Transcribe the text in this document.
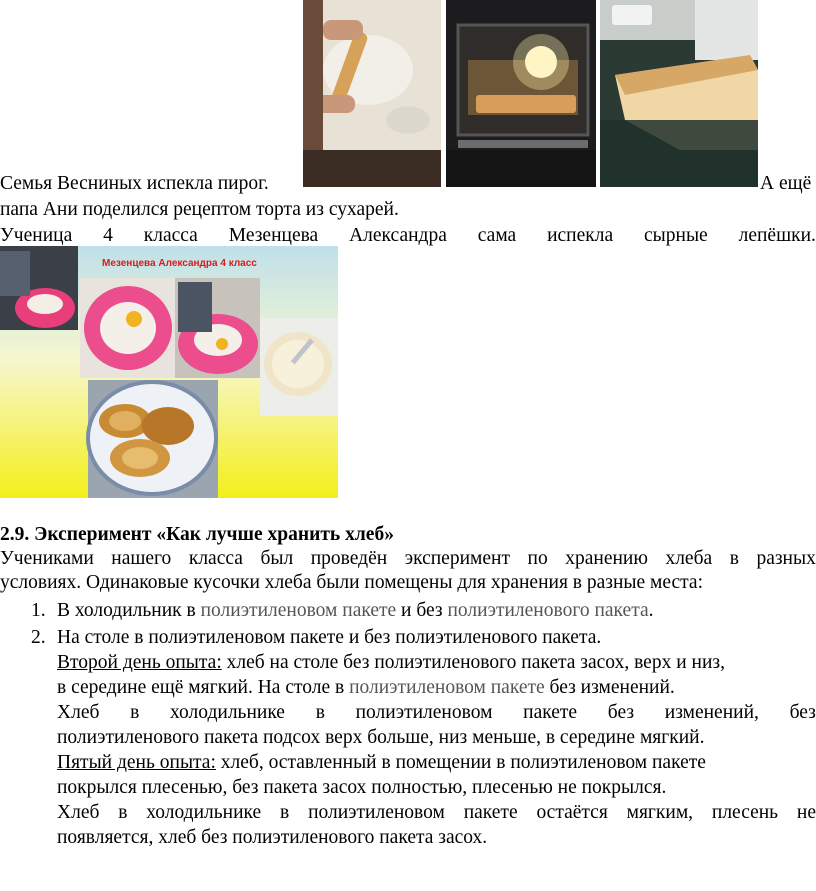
Семья Весниных испекла пирог.	А ещё
папа Ани поделился рецептом торта из сухарей.
Ученица 4 класса Мезенцева Александра сама испекла сырные лепёшки.
Мезенцева Александра 4 класс
2.9. Эксперимент «Как лучше хранить хлеб»
Учениками нашего класса был проведён эксперимент по хранению хлеба в разных
условиях. Одинаковые кусочки хлеба были помещены для хранения в разные места:
1. В холодильник в полиэтиленовом пакете и без полиэтиленового пакета.
2. На столе в полиэтиленовом пакете и без полиэтиленового пакета.
Второй день опыта: хлеб на столе без полиэтиленового пакета засох, верх и низ,
в середине ещё мягкий. На столе в полиэтиленовом пакете без изменений.
Хлеб в холодильнике в полиэтиленовом пакете без изменений, без
полиэтиленового пакета подсох верх больше, низ меньше, в середине мягкий.
Пятый день опыта: хлеб, оставленный в помещении в полиэтиленовом пакете
покрылся плесенью, без пакета засох полностью, плесенью не покрылся.
Хлеб в холодильнике в полиэтиленовом пакете остаётся мягким, плесень не
появляется, хлеб без полиэтиленового пакета засох.
